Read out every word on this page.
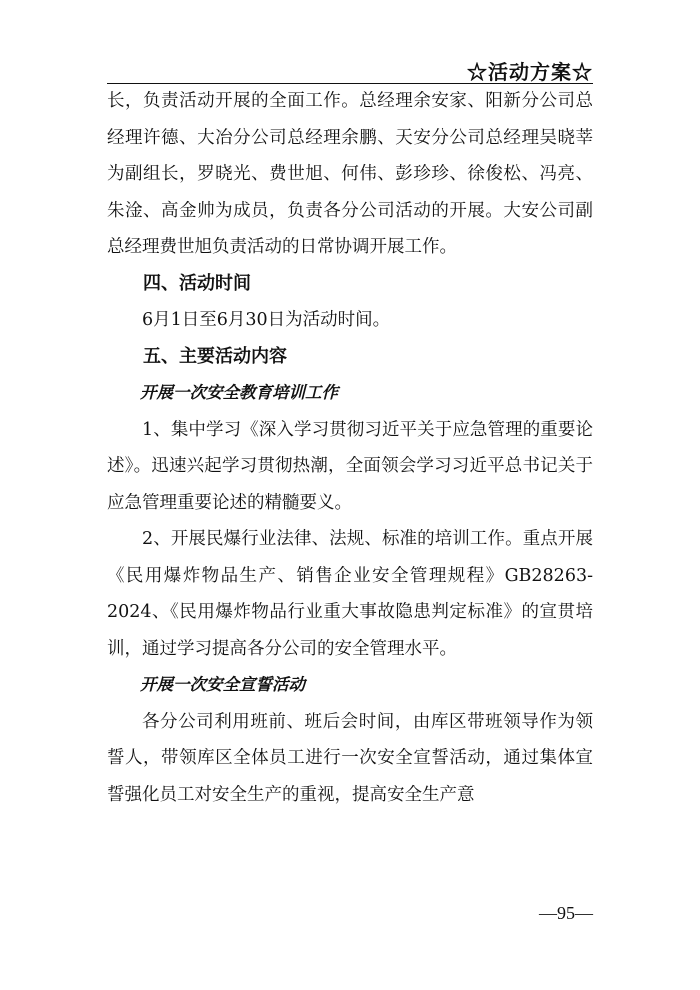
☆活动方案☆

长，负责活动开展的全面工作。总经理余安家、阳新分公司总经理许德、大冶分公司总经理余鹏、天安分公司总经理吴晓莘为副组长，罗晓光、费世旭、何伟、彭珍珍、徐俊松、冯亮、朱淦、高金帅为成员，负责各分公司活动的开展。大安公司副总经理费世旭负责活动的日常协调开展工作。

四、活动时间

6月1日至6月30日为活动时间。

五、主要活动内容

开展一次安全教育培训工作

1、集中学习《深入学习贯彻习近平关于应急管理的重要论述》。迅速兴起学习贯彻热潮，全面领会学习习近平总书记关于应急管理重要论述的精髓要义。

2、开展民爆行业法律、法规、标准的培训工作。重点开展《民用爆炸物品生产、销售企业安全管理规程》GB28263-2024、《民用爆炸物品行业重大事故隐患判定标准》的宣贯培训，通过学习提高各分公司的安全管理水平。

开展一次安全宣誓活动

各分公司利用班前、班后会时间，由库区带班领导作为领誓人，带领库区全体员工进行一次安全宣誓活动，通过集体宣誓强化员工对安全生产的重视，提高安全生产意

—95—
